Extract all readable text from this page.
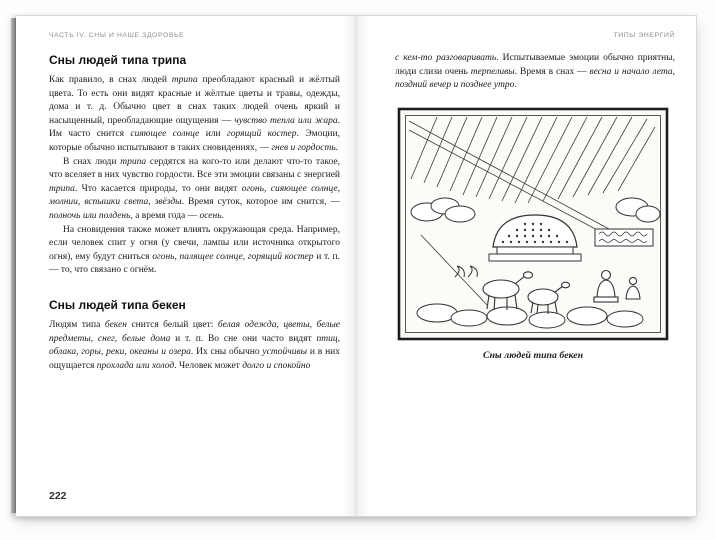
ЧАСТЬ IV. СНЫ И НАШЕ ЗДОРОВЬЕ
Сны людей типа трипа

Как правило, в снах людей трипа преобладают красный и жёлтый цвета. То есть они видят красные и жёлтые цветы и травы, одежды, дома и т. д. Обычно цвет в снах таких людей очень яркий и насыщенный, преобладающие ощущения — чувство тепла или жара. Им часто снится сияющее солнце или горящий костер. Эмоции, которые обычно испытывают в таких сновидениях, — гнев и гордость.

В снах люди трипа сердятся на кого-то или делают что-то такое, что вселяет в них чувство гордости. Все эти эмоции связаны с энергией трипа. Что касается природы, то они видят огонь, сияющее солнце, молнии, вспышки света, звёзды. Время суток, которое им снится, — полночь или полдень, а время года — осень.

На сновидения также может влиять окружающая среда. Например, если человек спит у огня (у свечи, лампы или источника открытого огня), ему будут сниться огонь, палящее солнце, горящий костер и т. п. — то, что связано с огнём.

Сны людей типа бекен

Людям типа бекен снится белый цвет: белая одежда, цветы, белые предметы, снег, белые дома и т. п. Во сне они часто видят птиц, облака, горы, реки, океаны и озера. Их сны обычно устойчивы и в них ощущается прохлада или холод. Человек может долго и спокойно

222
ТИПЫ ЭНЕРГИЙ

с кем-то разговаривать. Испытываемые эмоции обычно приятны, люди слизи очень терпеливы. Время в снах — весна и начало лета, поздний вечер и позднее утро.

Сны людей типа бекен
